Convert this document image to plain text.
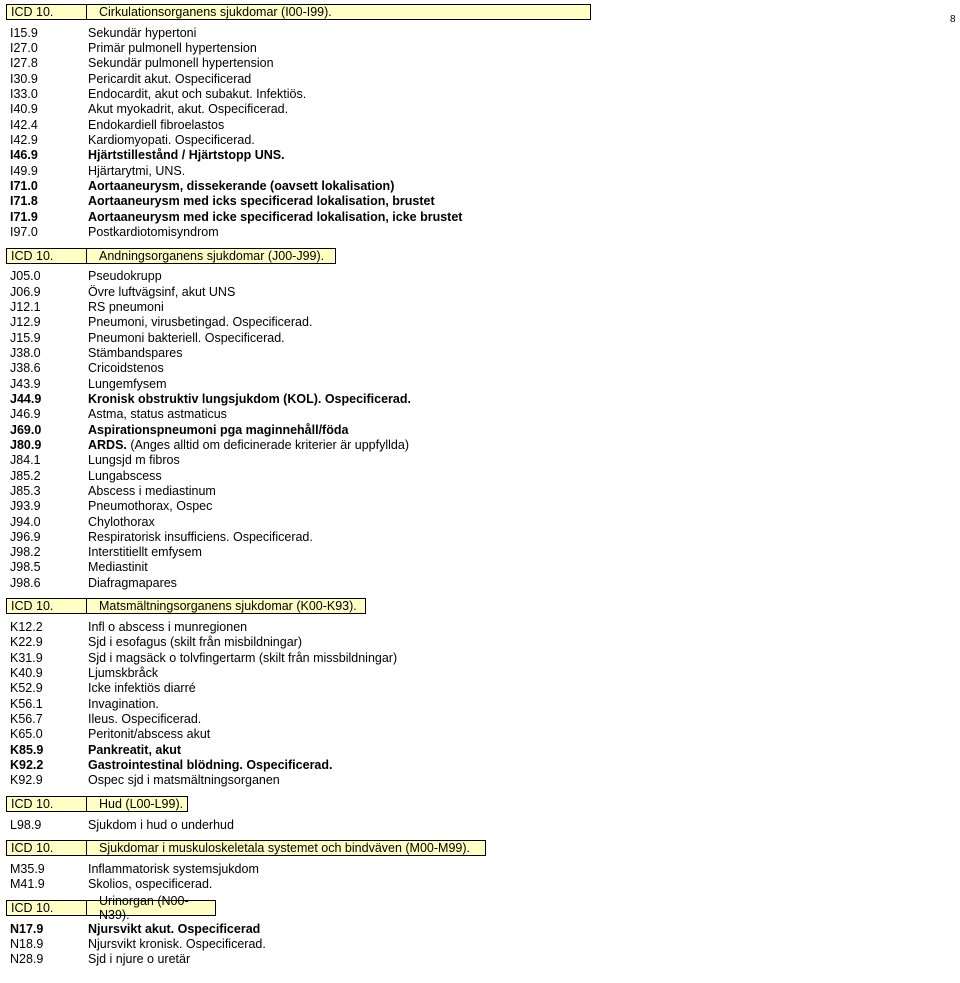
8
ICD 10.	Cirkulationsorganens sjukdomar (I00-I99).
I15.9	Sekundär hypertoni
I27.0	Primär pulmonell hypertension
I27.8	Sekundär pulmonell hypertension
I30.9	Pericardit akut. Ospecificerad
I33.0	Endocardit, akut och subakut. Infektiös.
I40.9	Akut myokadrit, akut. Ospecificerad.
I42.4	Endokardiell fibroelastos
I42.9	Kardiomyopati. Ospecificerad.
I46.9	Hjärtstillestånd / Hjärtstopp UNS.
I49.9	Hjärtarytmi, UNS.
I71.0	Aortaaneurysm, dissekerande (oavsett lokalisation)
I71.8	Aortaaneurysm med icks specificerad lokalisation, brustet
I71.9	Aortaaneurysm med icke specificerad lokalisation, icke brustet
I97.0	Postkardiotomisyndrom
ICD 10.	Andningsorganens sjukdomar (J00-J99).
J05.0	Pseudokrupp
J06.9	Övre luftvägsinf, akut UNS
J12.1	RS pneumoni
J12.9	Pneumoni, virusbetingad. Ospecificerad.
J15.9	Pneumoni bakteriell. Ospecificerad.
J38.0	Stämbandspares
J38.6	Cricoidstenos
J43.9	Lungemfysem
J44.9	Kronisk obstruktiv lungsjukdom (KOL). Ospecificerad.
J46.9	Astma, status astmaticus
J69.0	Aspirationspneumoni pga maginnehåll/föda
J80.9	ARDS. (Anges alltid om deficinerade kriterier är uppfyllda)
J84.1	Lungsjd m fibros
J85.2	Lungabscess
J85.3	Abscess i mediastinum
J93.9	Pneumothorax, Ospec
J94.0	Chylothorax
J96.9	Respiratorisk insufficiens. Ospecificerad.
J98.2	Interstitiellt emfysem
J98.5	Mediastinit
J98.6	Diafragmapares
ICD 10.	Matsmältningsorganens sjukdomar (K00-K93).
K12.2	Infl o abscess i munregionen
K22.9	Sjd i esofagus (skilt från misbildningar)
K31.9	Sjd i magsäck o tolvfingertarm (skilt från missbildningar)
K40.9	Ljumskbråck
K52.9	Icke infektiös diarré
K56.1	Invagination.
K56.7	Ileus. Ospecificerad.
K65.0	Peritonit/abscess akut
K85.9	Pankreatit, akut
K92.2	Gastrointestinal blödning. Ospecificerad.
K92.9	Ospec sjd i matsmältningsorganen
ICD 10.	Hud (L00-L99).
L98.9	Sjukdom i hud o underhud
ICD 10.	Sjukdomar i muskuloskeletala systemet och bindväven (M00-M99).
M35.9	Inflammatorisk systemsjukdom
M41.9	Skolios, ospecificerad.
ICD 10.	Urinorgan (N00-N39).
N17.9	Njursvikt akut. Ospecificerad
N18.9	Njursvikt kronisk. Ospecificerad.
N28.9	Sjd i njure o uretär
